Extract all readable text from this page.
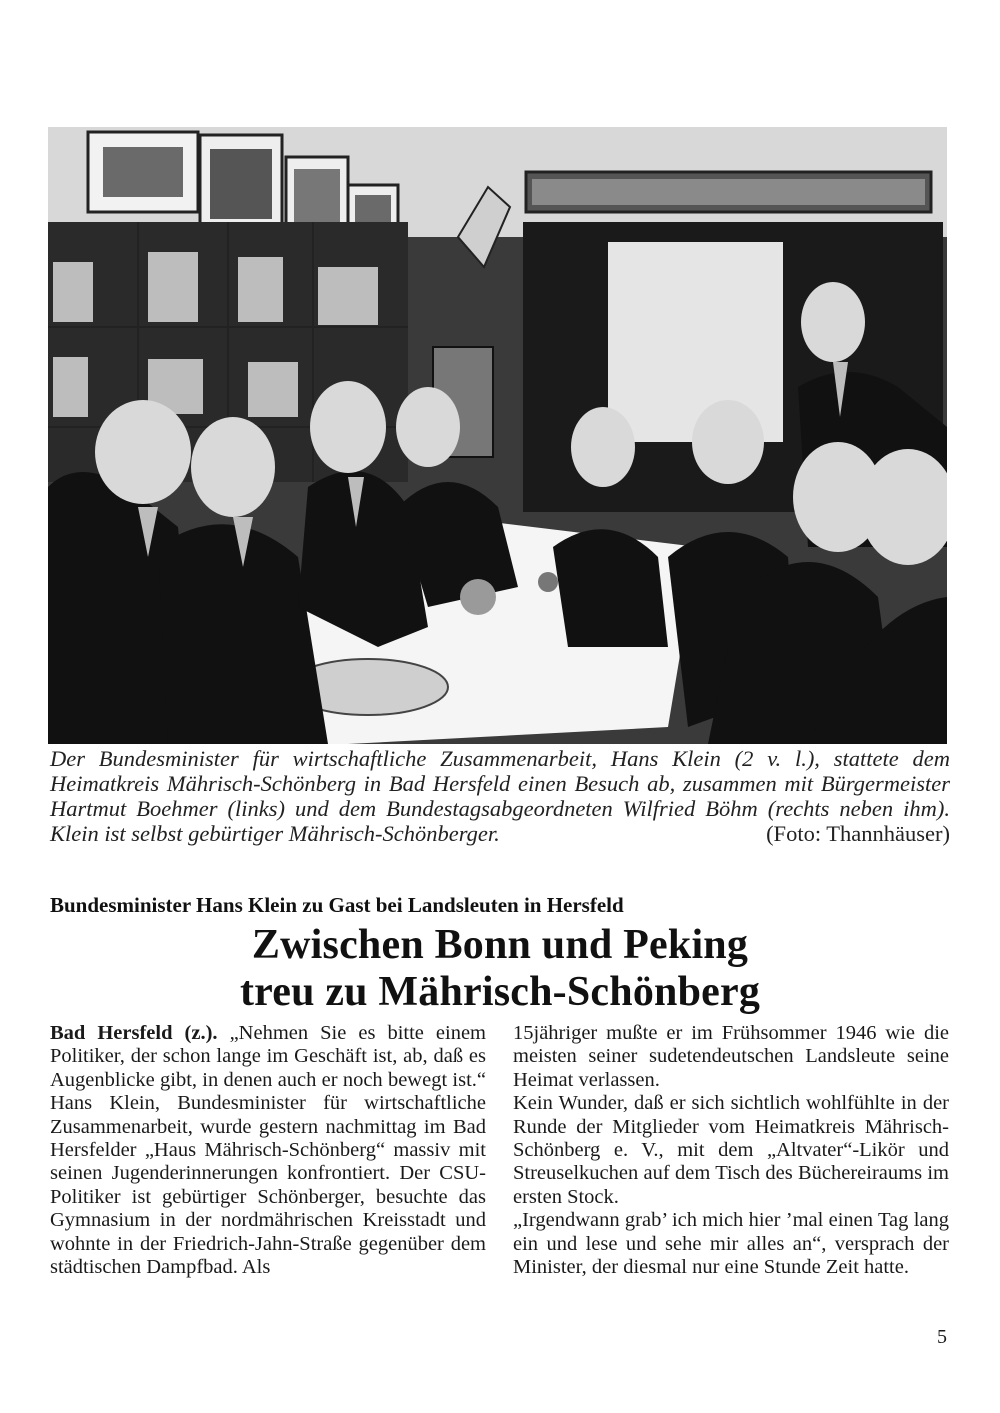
Der Bundesminister für wirtschaftliche Zusammenarbeit, Hans Klein (2 v. l.), stattete dem Heimatkreis Mährisch-Schönberg in Bad Hersfeld einen Besuch ab, zusammen mit Bürgermeister Hartmut Boehmer (links) und dem Bundestagsabgeordneten Wilfried Böhm (rechts neben ihm). Klein ist selbst gebürtiger Mährisch-Schönberger.	(Foto: Thannhäuser)

Bundesminister Hans Klein zu Gast bei Landsleuten in Hersfeld
Zwischen Bonn und Peking
treu zu Mährisch-Schönberg

Bad Hersfeld (z.). „Nehmen Sie es bitte einem Politiker, der schon lange im Geschäft ist, ab, daß es Augenblicke gibt, in denen auch er noch bewegt ist.“ Hans Klein, Bundesminister für wirtschaftliche Zusammenarbeit, wurde gestern nachmittag im Bad Hersfelder „Haus Mährisch-Schönberg“ massiv mit seinen Jugenderinnerungen konfrontiert. Der CSU-Politiker ist gebürtiger Schönberger, besuchte das Gymnasium in der nordmährischen Kreisstadt und wohnte in der Friedrich-Jahn-Straße gegenüber dem städtischen Dampfbad. Als

15jähriger mußte er im Frühsommer 1946 wie die meisten seiner sudetendeutschen Landsleute seine Heimat verlassen.

Kein Wunder, daß er sich sichtlich wohlfühlte in der Runde der Mitglieder vom Heimatkreis Mährisch-Schönberg e. V., mit dem „Altvater“-Likör und Streuselkuchen auf dem Tisch des Büchereiraums im ersten Stock.

„Irgendwann grab’ ich mich hier ’mal einen Tag lang ein und lese und sehe mir alles an“, versprach der Minister, der diesmal nur eine Stunde Zeit hatte.

5
